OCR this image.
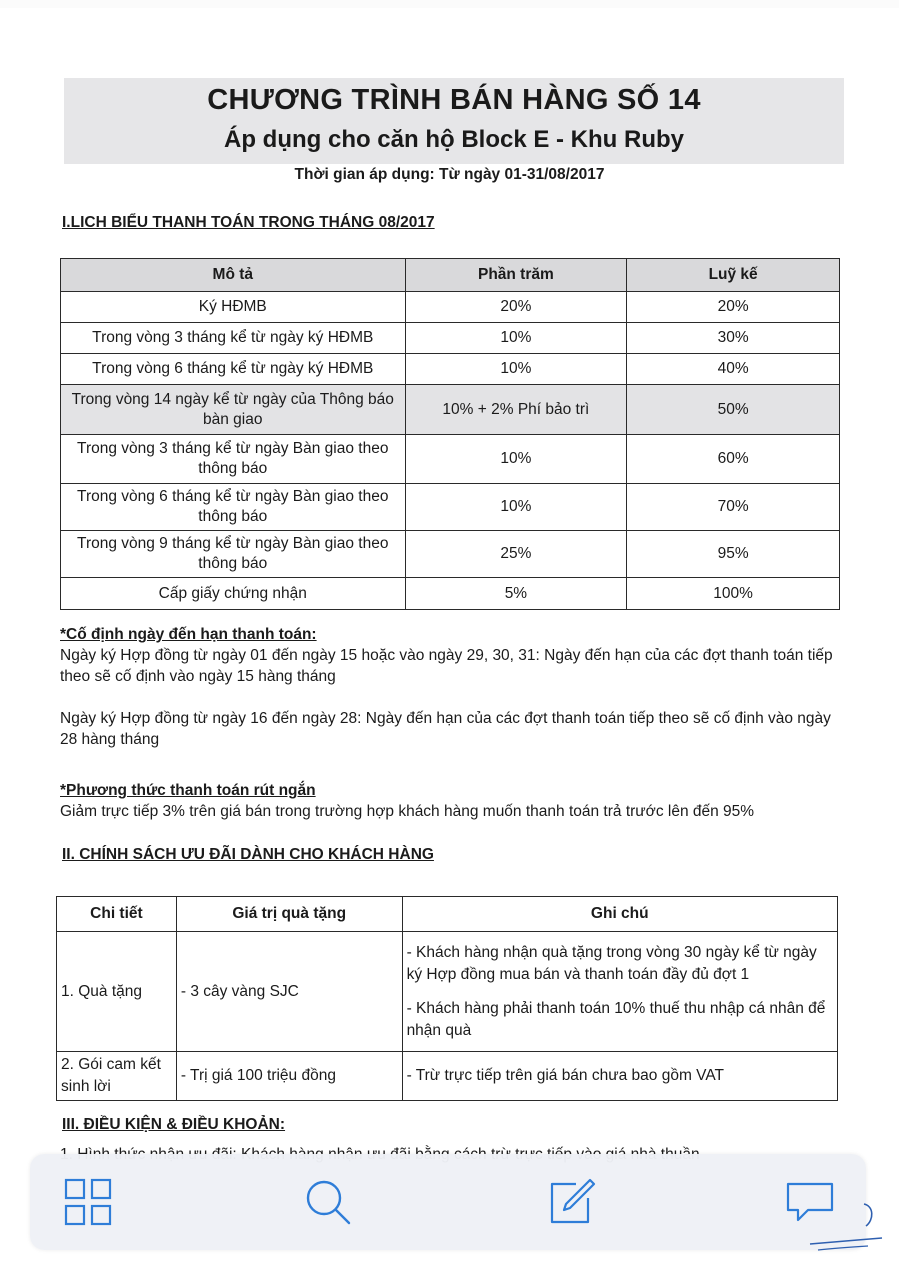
CHƯƠNG TRÌNH BÁN HÀNG SỐ 14
Áp dụng cho căn hộ Block E - Khu Ruby
Thời gian áp dụng: Từ ngày 01-31/08/2017
I.LICH BIỂU THANH TOÁN TRONG THÁNG 08/2017
Mô tả	Phần trăm	Luỹ kế
Ký HĐMB	20%	20%
Trong vòng 3 tháng kể từ ngày ký HĐMB	10%	30%
Trong vòng 6 tháng kể từ ngày ký HĐMB	10%	40%
Trong vòng 14 ngày kể từ ngày của Thông báo bàn giao	10% + 2% Phí bảo trì	50%
Trong vòng 3 tháng kể từ ngày Bàn giao theo thông báo	10%	60%
Trong vòng 6 tháng kể từ ngày Bàn giao theo thông báo	10%	70%
Trong vòng 9 tháng kể từ ngày Bàn giao theo thông báo	25%	95%
Cấp giấy chứng nhận	5%	100%
*Cố định ngày đến hạn thanh toán:
Ngày ký Hợp đồng từ ngày 01 đến ngày 15 hoặc vào ngày 29, 30, 31: Ngày đến hạn của các đợt thanh toán tiếp theo sẽ cố định vào ngày 15 hàng tháng
Ngày ký Hợp đồng từ ngày 16 đến ngày 28: Ngày đến hạn của các đợt thanh toán tiếp theo sẽ cố định vào ngày 28 hàng tháng
*Phương thức thanh toán rút ngắn
Giảm trực tiếp 3% trên giá bán trong trường hợp khách hàng muốn thanh toán trả trước lên đến 95%
II. CHÍNH SÁCH ƯU ĐÃI DÀNH CHO KHÁCH HÀNG
Chi tiết	Giá trị quà tặng	Ghi chú
1. Quà tặng	- 3 cây vàng SJC	- Khách hàng nhận quà tặng trong vòng 30 ngày kể từ ngày ký Hợp đồng mua bán và thanh toán đầy đủ đợt 1
- Khách hàng phải thanh toán 10% thuế thu nhập cá nhân để nhận quà

2. Gói cam kết sinh lời	- Trị giá 100 triệu đồng	- Trừ trực tiếp trên giá bán chưa bao gồm VAT
III. ĐIỀU KIỆN & ĐIỀU KHOẢN:
